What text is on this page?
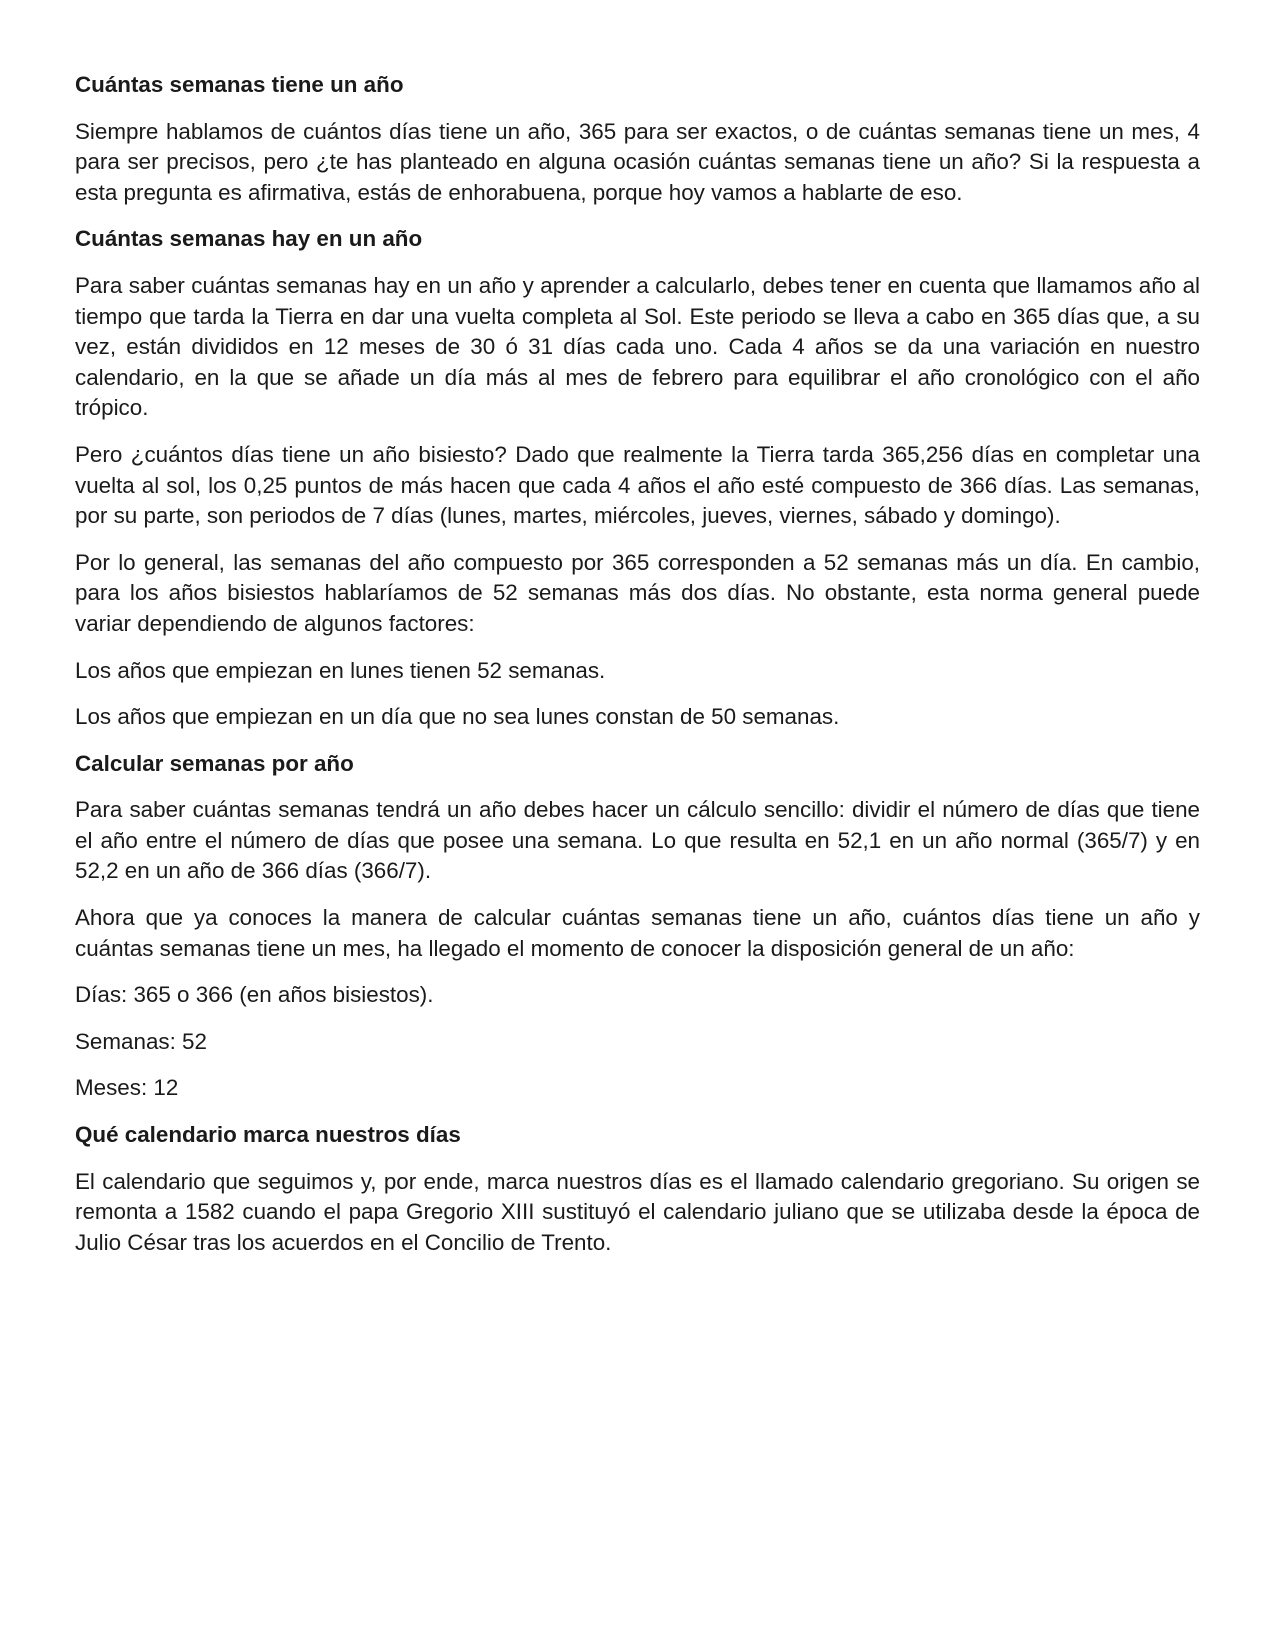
Cuántas semanas tiene un año

Siempre hablamos de cuántos días tiene un año, 365 para ser exactos, o de cuántas semanas tiene un mes, 4 para ser precisos, pero ¿te has planteado en alguna ocasión cuántas semanas tiene un año? Si la respuesta a esta pregunta es afirmativa, estás de enhorabuena, porque hoy vamos a hablarte de eso.

Cuántas semanas hay en un año

Para saber cuántas semanas hay en un año y aprender a calcularlo, debes tener en cuenta que llamamos año al tiempo que tarda la Tierra en dar una vuelta completa al Sol. Este periodo se lleva a cabo en 365 días que, a su vez, están divididos en 12 meses de 30 ó 31 días cada uno. Cada 4 años se da una variación en nuestro calendario, en la que se añade un día más al mes de febrero para equilibrar el año cronológico con el año trópico.

Pero ¿cuántos días tiene un año bisiesto? Dado que realmente la Tierra tarda 365,256 días en completar una vuelta al sol, los 0,25 puntos de más hacen que cada 4 años el año esté compuesto de 366 días. Las semanas, por su parte, son periodos de 7 días (lunes, martes, miércoles, jueves, viernes, sábado y domingo).

Por lo general, las semanas del año compuesto por 365 corresponden a 52 semanas más un día. En cambio, para los años bisiestos hablaríamos de 52 semanas más dos días. No obstante, esta norma general puede variar dependiendo de algunos factores:

Los años que empiezan en lunes tienen 52 semanas.

Los años que empiezan en un día que no sea lunes constan de 50 semanas.

Calcular semanas por año

Para saber cuántas semanas tendrá un año debes hacer un cálculo sencillo: dividir el número de días que tiene el año entre el número de días que posee una semana. Lo que resulta en 52,1 en un año normal (365/7) y en 52,2 en un año de 366 días (366/7).

Ahora que ya conoces la manera de calcular cuántas semanas tiene un año, cuántos días tiene un año y cuántas semanas tiene un mes, ha llegado el momento de conocer la disposición general de un año:

Días: 365 o 366 (en años bisiestos).

Semanas: 52

Meses: 12

Qué calendario marca nuestros días

El calendario que seguimos y, por ende, marca nuestros días es el llamado calendario gregoriano. Su origen se remonta a 1582 cuando el papa Gregorio XIII sustituyó el calendario juliano que se utilizaba desde la época de Julio César tras los acuerdos en el Concilio de Trento.
